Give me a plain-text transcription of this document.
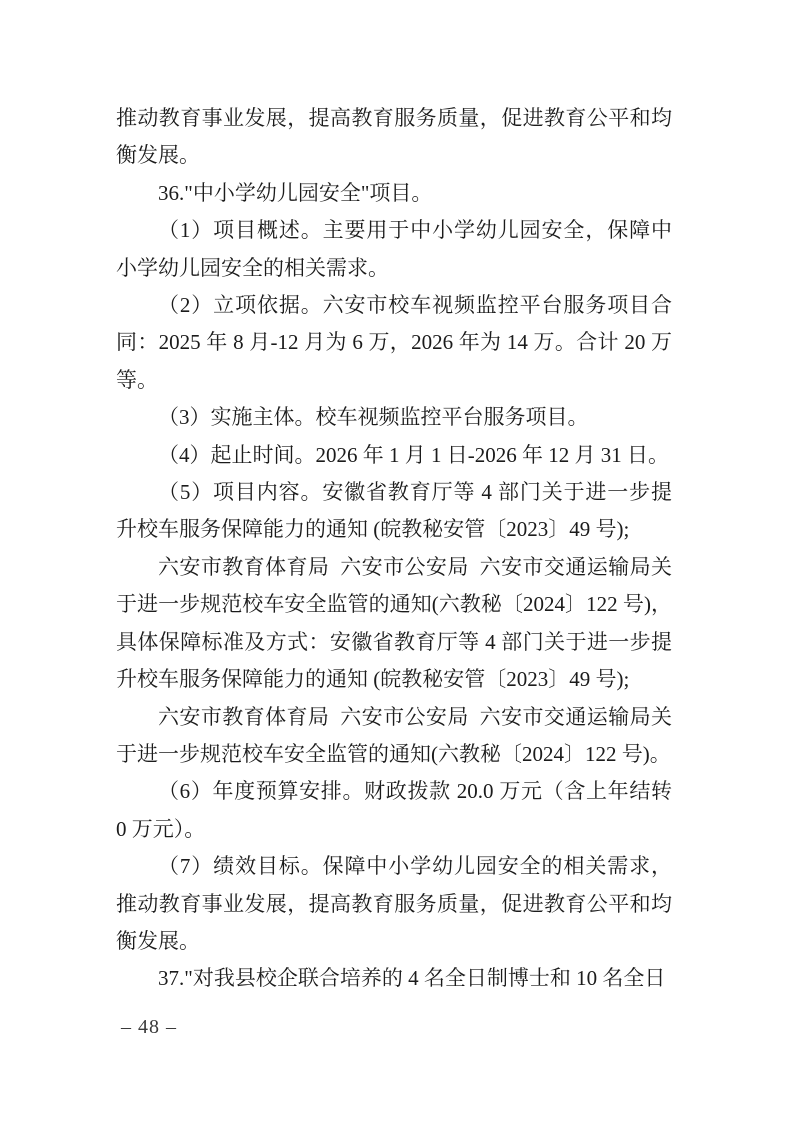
推动教育事业发展，提高教育服务质量，促进教育公平和均衡发展。

36."中小学幼儿园安全"项目。

（1）项目概述。主要用于中小学幼儿园安全，保障中小学幼儿园安全的相关需求。

（2）立项依据。六安市校车视频监控平台服务项目合同：2025 年 8 月-12 月为 6 万，2026 年为 14 万。合计 20 万等。

（3）实施主体。校车视频监控平台服务项目。

（4）起止时间。2026 年 1 月 1 日-2026 年 12 月 31 日。

（5）项目内容。安徽省教育厅等 4 部门关于进一步提升校车服务保障能力的通知 (皖教秘安管〔2023〕49 号);

六安市教育体育局 六安市公安局 六安市交通运输局关于进一步规范校车安全监管的通知(六教秘〔2024〕122 号)，具体保障标准及方式：安徽省教育厅等 4 部门关于进一步提升校车服务保障能力的通知 (皖教秘安管〔2023〕49 号);

六安市教育体育局 六安市公安局 六安市交通运输局关于进一步规范校车安全监管的通知(六教秘〔2024〕122 号)。

（6）年度预算安排。财政拨款 20.0 万元（含上年结转 0 万元）。

（7）绩效目标。保障中小学幼儿园安全的相关需求，推动教育事业发展，提高教育服务质量，促进教育公平和均衡发展。

37."对我县校企联合培养的 4 名全日制博士和 10 名全日

– 48 –
